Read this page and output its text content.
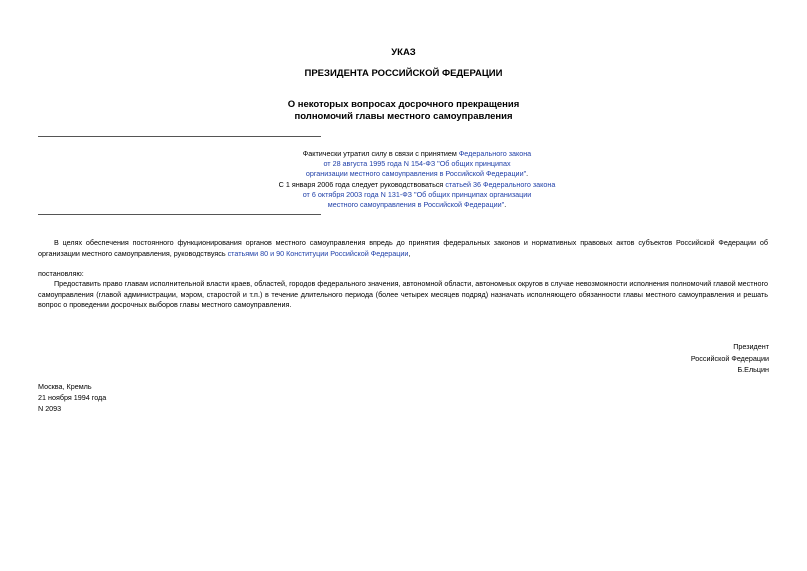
УКАЗ
ПРЕЗИДЕНТА РОССИЙСКОЙ ФЕДЕРАЦИИ
О некоторых вопросах досрочного прекращения
полномочий главы местного самоуправления
Фактически утратил силу в связи с принятием Федерального закона
от 28 августа 1995 года N 154-ФЗ "Об общих принципах
организации местного самоуправления в Российской Федерации".
С 1 января 2006 года следует руководствоваться статьей 36 Федерального закона
от 6 октября 2003 года N 131-ФЗ "Об общих принципах организации
местного самоуправления в Российской Федерации".

В целях обеспечения постоянного функционирования органов местного самоуправления впредь до принятия федеральных законов и нормативных правовых актов субъектов Российской Федерации об организации местного самоуправления, руководствуясь статьями 80 и 90 Конституции Российской Федерации,

постановляю:

Предоставить право главам исполнительной власти краев, областей, городов федерального значения, автономной области, автономных округов в случае невозможности исполнения полномочий главой местного самоуправления (главой администрации, мэром, старостой и т.п.) в течение длительного периода (более четырех месяцев подряд) назначать исполняющего обязанности главы местного самоуправления и решать вопрос о проведении досрочных выборов главы местного самоуправления.

Президент
Российской Федерации
Б.Ельцин
Москва, Кремль
21 ноября 1994 года
N 2093
